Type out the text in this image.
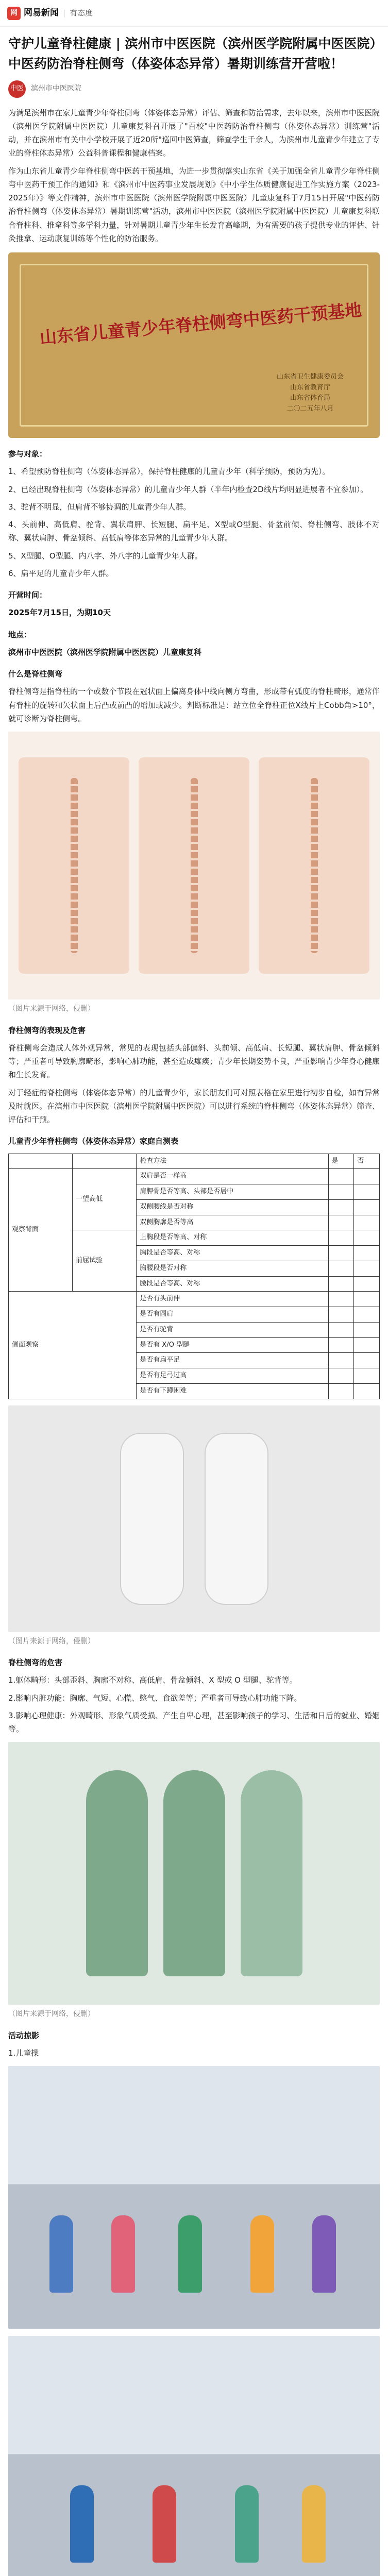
网 网易新闻 | 有态度
守护儿童脊柱健康 | 滨州市中医医院（滨州医学院附属中医医院）中医药防治脊柱侧弯（体姿体态异常）暑期训练营开营啦！
中医 滨州市中医医院

为满足滨州市在家儿童青少年脊柱侧弯（体姿体态异常）评估、筛查和防治需求，去年以来，滨州市中医医院（滨州医学院附属中医医院）儿童康复科召开展了"百校"中医药防治脊柱侧弯（体姿体态异常）训练营"活动，并在滨州市有关中小学校开展了近20所"巡回中医筛查，筛查学生千余人，为滨州市儿童青少年建立了专业的脊柱体态异常）公益科普课程和健康档案。

作为山东省儿童青少年脊柱侧弯中医药干预基地，为进一步贯彻落实山东省《关于加强全省儿童青少年脊柱侧弯中医药干预工作的通知》和《滨州市中医药事业发展规划》《中小学生体质健康促进工作实施方案（2023-2025年）》等文件精神，滨州市中医医院（滨州医学院附属中医医院）儿童康复科于7月15日开展"中医药防治脊柱侧弯（体姿体态异常）暑期训练营"活动，滨州市中医医院（滨州医学院附属中医医院）儿童康复科联合脊柱科、推拿科等多学科力量，针对暑期儿童青少年生长发育高峰期，为有需要的孩子提供专业的评估、针灸推拿、运动康复训练等个性化的防治服务。

山东省儿童青少年脊柱侧弯中医药干预基地
山东省卫生健康委员会
山东省教育厅
山东省体育局
二〇二五年八月
参与对象：

1、希望预防脊柱侧弯（体姿体态异常），保持脊柱健康的儿童青少年（科学预防，预防为先）。

2、已经出现脊柱侧弯（体姿体态异常）的儿童青少年人群（半年内检查2D线片均明显进展者不宜参加）。

3、驼背不明显，但肩背不够协调的儿童青少年人群。

4、头前伸、高低肩、驼背、翼状肩胛、长短腿、扁平足、X型或O型腿、骨盆前倾、脊柱侧弯、肢体不对称、翼状肩胛、骨盆倾斜、高低肩等体态异常的儿童青少年人群。

5、X型腿、O型腿、内八字、外八字的儿童青少年人群。

6、扁平足的儿童青少年人群。

开营时间：

2025年7月15日，为期10天

地点：

滨州市中医医院（滨州医学院附属中医医院）儿童康复科

什么是脊柱侧弯

脊柱侧弯是指脊柱的一个或数个节段在冠状面上偏离身体中线向侧方弯曲，形成带有弧度的脊柱畸形，通常伴有脊柱的旋转和矢状面上后凸或前凸的增加或减少。判断标准是：站立位全脊柱正位X线片上Cobb角>10°，就可诊断为脊柱侧弯。

（图片来源于网络，侵删）
脊柱侧弯的表现及危害

脊柱侧弯会造成人体外观异常，常见的表现包括头部偏斜、头前倾、高低肩、长短腿、翼状肩胛、骨盆倾斜等；严重者可导致胸廓畸形，影响心肺功能，甚至造成瘫痪；青少年长期姿势不良，严重影响青少年身心健康和生长发育。

对于轻症的脊柱侧弯（体姿体态异常）的儿童青少年，家长朋友们可对照表格在家里进行初步自检，如有异常及时就医。在滨州市中医医院（滨州医学院附属中医医院）可以进行系统的脊柱侧弯（体姿体态异常）筛查、评估和干预。

儿童青少年脊柱侧弯（体姿体态异常）家庭自测表
		检查方法	是	否
观察背面	一望高低	双肩是否一样高		
		肩胛骨是否等高、头部是否居中		
		双侧腰线是否对称		
		双侧胸廓是否等高		
	前屈试验	上胸段是否等高、对称		
		胸段是否等高、对称		
		胸腰段是否对称		
		腰段是否等高、对称		
侧面观察		是否有头前伸		
		是否有圆肩		
		是否有驼背		
		是否有 X/O 型腿		
		是否有扁平足		
		是否有足弓过高		
		是否有下蹲困难		
（图片来源于网络，侵删）
脊柱侧弯的危害

1.躯体畸形：头部歪斜、胸廓不对称、高低肩、骨盆倾斜、X 型或 O 型腿、驼背等。

2.影响内脏功能：胸廓、气短、心慌、憋气、食欲差等；严重者可导致心肺功能下降。

3.影响心理健康：外观畸形、形象气质受损、产生自卑心理，甚至影响孩子的学习、生活和日后的就业、婚姻等。

（图片来源于网络，侵删）
活动掠影

1.儿童操
